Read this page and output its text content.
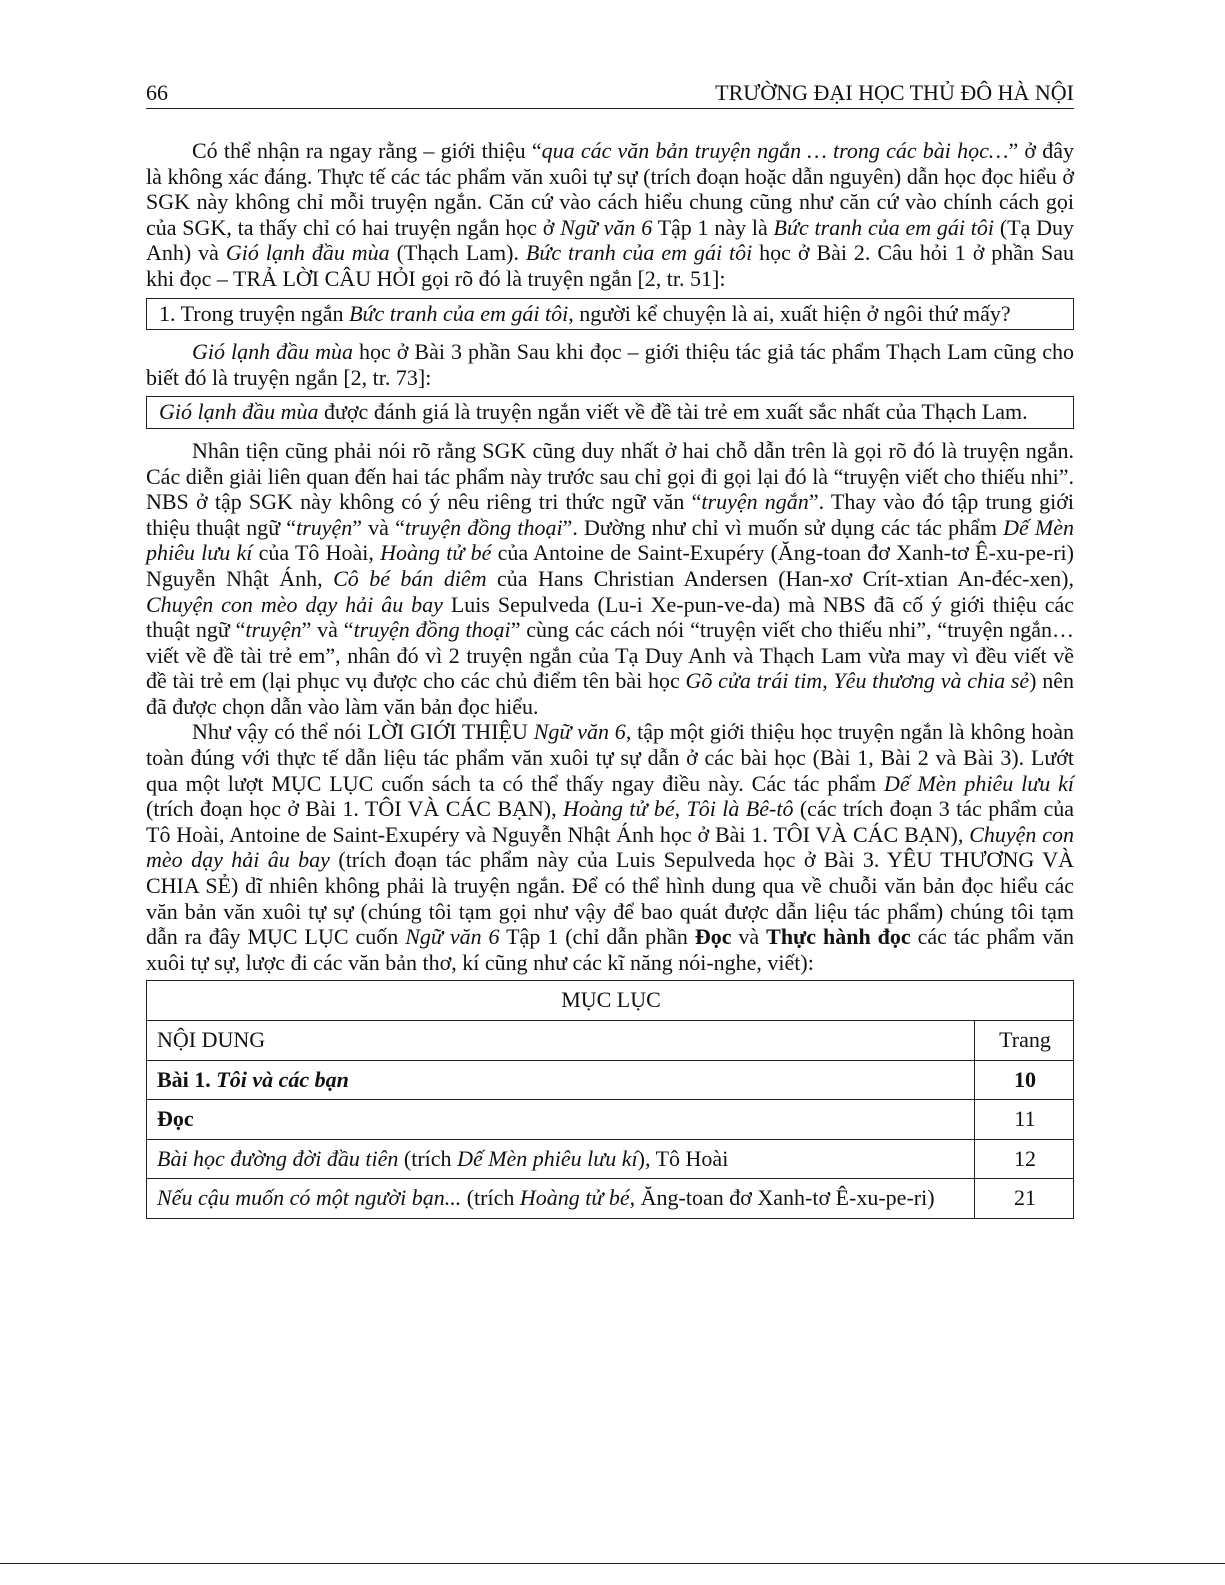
66	TRƯỜNG ĐẠI HỌC THỦ ĐÔ HÀ NỘI

Có thể nhận ra ngay rằng – giới thiệu “qua các văn bản truyện ngắn … trong các bài học…” ở đây là không xác đáng. Thực tế các tác phẩm văn xuôi tự sự (trích đoạn hoặc dẫn nguyên) dẫn học đọc hiểu ở SGK này không chỉ mỗi truyện ngắn. Căn cứ vào cách hiểu chung cũng như căn cứ vào chính cách gọi của SGK, ta thấy chỉ có hai truyện ngắn học ở Ngữ văn 6 Tập 1 này là Bức tranh của em gái tôi (Tạ Duy Anh) và Gió lạnh đầu mùa (Thạch Lam). Bức tranh của em gái tôi học ở Bài 2. Câu hỏi 1 ở phần Sau khi đọc – TRẢ LỜI CÂU HỎI gọi rõ đó là truyện ngắn [2, tr. 51]:

1. Trong truyện ngắn Bức tranh của em gái tôi, người kể chuyện là ai, xuất hiện ở ngôi thứ mấy?

Gió lạnh đầu mùa học ở Bài 3 phần Sau khi đọc – giới thiệu tác giả tác phẩm Thạch Lam cũng cho biết đó là truyện ngắn [2, tr. 73]:

Gió lạnh đầu mùa được đánh giá là truyện ngắn viết về đề tài trẻ em xuất sắc nhất của Thạch Lam.

Nhân tiện cũng phải nói rõ rằng SGK cũng duy nhất ở hai chỗ dẫn trên là gọi rõ đó là truyện ngắn. Các diễn giải liên quan đến hai tác phẩm này trước sau chỉ gọi đi gọi lại đó là “truyện viết cho thiếu nhi”. NBS ở tập SGK này không có ý nêu riêng tri thức ngữ văn “truyện ngắn”. Thay vào đó tập trung giới thiệu thuật ngữ “truyện” và “truyện đồng thoại”. Dường như chỉ vì muốn sử dụng các tác phẩm Dế Mèn phiêu lưu kí của Tô Hoài, Hoàng tử bé của Antoine de Saint-Exupéry (Ăng-toan đơ Xanh-tơ Ê-xu-pe-ri) Nguyễn Nhật Ánh, Cô bé bán diêm của Hans Christian Andersen (Han-xơ Crít-xtian An-đéc-xen), Chuyện con mèo dạy hải âu bay Luis Sepulveda (Lu-i Xe-pun-ve-da) mà NBS đã cố ý giới thiệu các thuật ngữ “truyện” và “truyện đồng thoại” cùng các cách nói “truyện viết cho thiếu nhi”, “truyện ngắn… viết về đề tài trẻ em”, nhân đó vì 2 truyện ngắn của Tạ Duy Anh và Thạch Lam vừa may vì đều viết về đề tài trẻ em (lại phục vụ được cho các chủ điểm tên bài học Gõ cửa trái tim, Yêu thương và chia sẻ) nên đã được chọn dẫn vào làm văn bản đọc hiểu.

Như vậy có thể nói LỜI GIỚI THIỆU Ngữ văn 6, tập một giới thiệu học truyện ngắn là không hoàn toàn đúng với thực tế dẫn liệu tác phẩm văn xuôi tự sự dẫn ở các bài học (Bài 1, Bài 2 và Bài 3). Lướt qua một lượt MỤC LỤC cuốn sách ta có thể thấy ngay điều này. Các tác phẩm Dế Mèn phiêu lưu kí (trích đoạn học ở Bài 1. TÔI VÀ CÁC BẠN), Hoàng tử bé, Tôi là Bê-tô (các trích đoạn 3 tác phẩm của Tô Hoài, Antoine de Saint-Exupéry và Nguyễn Nhật Ánh học ở Bài 1. TÔI VÀ CÁC BẠN), Chuyện con mèo dạy hải âu bay (trích đoạn tác phẩm này của Luis Sepulveda học ở Bài 3. YÊU THƯƠNG VÀ CHIA SẺ) dĩ nhiên không phải là truyện ngắn. Để có thể hình dung qua về chuỗi văn bản đọc hiểu các văn bản văn xuôi tự sự (chúng tôi tạm gọi như vậy để bao quát được dẫn liệu tác phẩm) chúng tôi tạm dẫn ra đây MỤC LỤC cuốn Ngữ văn 6 Tập 1 (chỉ dẫn phần Đọc và Thực hành đọc các tác phẩm văn xuôi tự sự, lược đi các văn bản thơ, kí cũng như các kĩ năng nói-nghe, viết):

MỤC LỤC	
NỘI DUNG	Trang
Bài 1. Tôi và các bạn	10
Đọc	11
Bài học đường đời đầu tiên (trích Dế Mèn phiêu lưu kí), Tô Hoài	12
Nếu cậu muốn có một người bạn... (trích Hoàng tử bé, Ăng-toan đơ Xanh-tơ Ê-xu-pe-ri)	21
